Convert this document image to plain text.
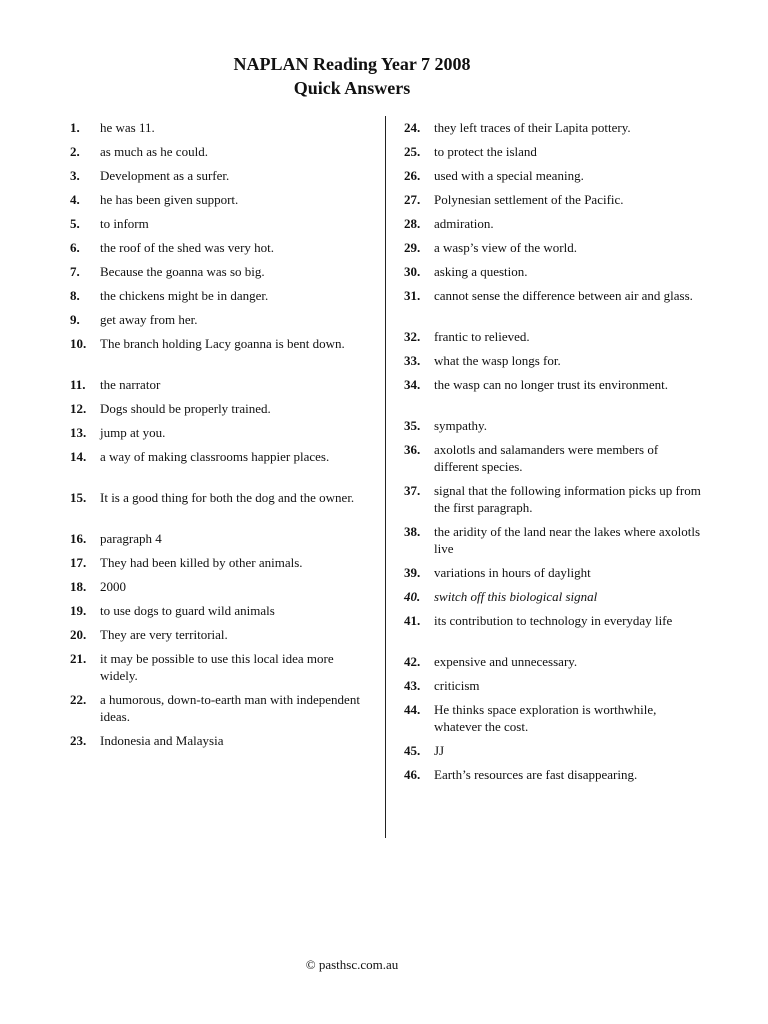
NAPLAN Reading Year 7 2008

Quick Answers

1.	he was 11.
2.	as much as he could.
3.	Development as a surfer.
4.	he has been given support.
5.	to inform
6.	the roof of the shed was very hot.
7.	Because the goanna was so big.
8.	the chickens might be in danger.
9.	get away from her.
10.	The branch holding Lacy goanna is bent down.
11.	the narrator
12.	Dogs should be properly trained.
13.	jump at you.
14.	a way of making classrooms happier places.
15.	It is a good thing for both the dog and the owner.
16.	paragraph 4
17.	They had been killed by other animals.
18.	2000
19.	to use dogs to guard wild animals
20.	They are very territorial.
21.	it may be possible to use this local idea more widely.
22.	a humorous, down-to-earth man with independent ideas.
23.	Indonesia and Malaysia
24.	they left traces of their Lapita pottery.
25.	to protect the island
26.	used with a special meaning.
27.	Polynesian settlement of the Pacific.
28.	admiration.
29.	a wasp’s view of the world.
30.	asking a question.
31.	cannot sense the difference between air and glass.
32.	frantic to relieved.
33.	what the wasp longs for.
34.	the wasp can no longer trust its environment.
35.	sympathy.
36.	axolotls and salamanders were members of different species.
37.	signal that the following information picks up from the first paragraph.
38.	the aridity of the land near the lakes where axolotls live
39.	variations in hours of daylight
40.	switch off this biological signal
41.	its contribution to technology in everyday life
42.	expensive and unnecessary.
43.	criticism
44.	He thinks space exploration is worthwhile, whatever the cost.
45.	JJ
46.	Earth’s resources are fast disappearing.
© pasthsc.com.au
